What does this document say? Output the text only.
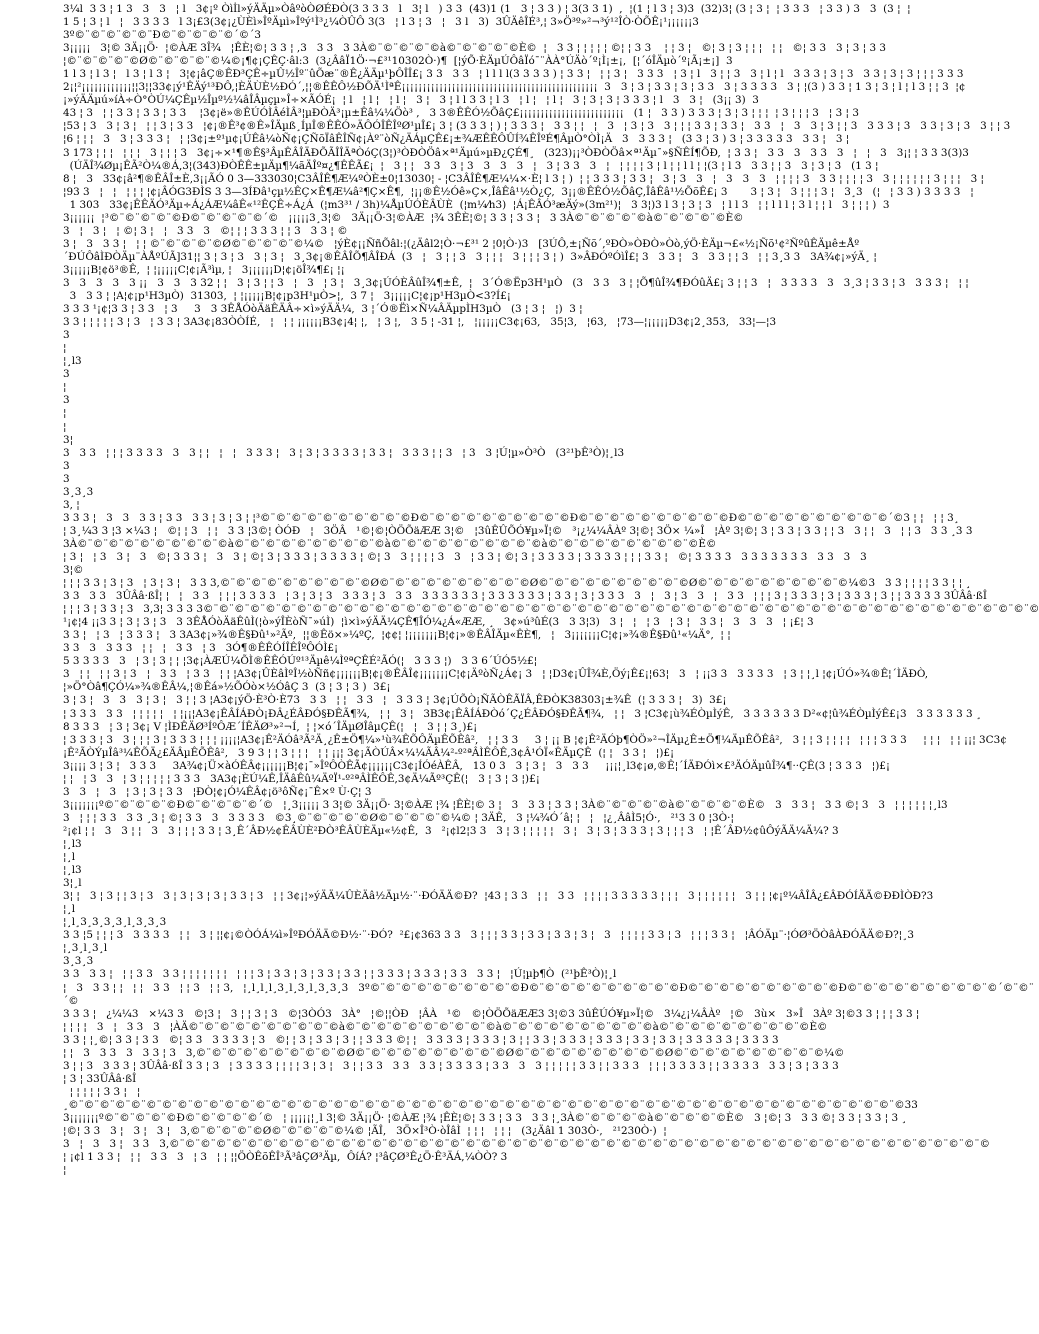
3¼l  3 3 ¦ 1 3   3   3   ¦ l   3¢¡º Òìİl»ýÄÄµ»ÒâºòÒØÉÐÒ(3 3 3 3   l   3¦ l   ) 3 3  (43)1 (1   3 ¦ 3 3 ) ¦ 3(3 3 1)  ,  ¦(1 ¦ l 3 ¦ 3)3  (32)3¦ (3 ¦ 3 ¦  ¦ 3 3 3   ¦ 3 3 ) 3   3  (3 ¦  ¦
1 5 ¦ 3 ¦ l   ¦   3 3 3 3   l 3¡£3(3¢¡¿ÙÈì»ÎºÄµì»Îºý¹Ì³¿¼ÒÛÔ 3(3   ¦ l 3 ¦ 3   ¦   3 l   3)  3ÛÄêÎÉ³,¦ 3»Ö³º»²¬³ý¹²ÎÒ·ÒÕÊ¡¹¡¡¡¡¡¡3
3º©¨©¨©¨©¨©¨Ð©¨©¨©¨©¨©´©´3
3¡¡¡¡¡   3¦© 3Ä¡¡Ö·  ¦©ÀÆ 3Î¾   ¦ÊÈ¦©¦ 3 3 ¦ ,3   3 3   3 3À©¨©¨©¨©¨©à©¨©¨©¨©¨©È©  ¦   3 3 ¦ ¦ ¦ ¦ ¦ ©¦ ¦ 3 3    ¦ ¦ 3 ¦   ©¦ 3 ¦ 3 ¦ ¦ ¦   ¦ ¦   ©¦ 3 3   3 ¦ 3 ¦ 3 3
¦©¨©¨©¨©¨©Ø©¨©¨©¨©¨©¼©¡¶¢¡ÇÊÇ·âl:3  (3¿ÂâÏ1Ö·¬£³¹10302Ò·)¶  [¦ýÕ·ÈÄµÚÔâÏó¯¨ÀÀ°ÚÄò´º¡Ì¡±¡,  [¦´óÎÄµò´º¡Ã¡±¡]  3
1 l 3 ¦ l 3 ¦   l 3 ¦ l 3 ¦   3¦¢¡âÇ®ÊÐ³ÇÊ÷µÛ½Îº¨ûÕæ¨®Ê¿ÄÄµ¹þÔÎÎ£¡ 3 3   3 3   ¦ l l l l(3 3 3 3 ) ¦ 3 3 ¦   ¦ ¦ 3 ¦   3 3 3   ¦ 3 ¦ l   3 ¦ ¦ 3   3 ¦ l ¦ l   3 3 3 ¦ 3 ¦ 3   3 3 ¦ 3 ¦ 3 ¦ ¦ ¦ 3 3 3
2¡¦²¡¡¡¡¡¡¡¡¡¡¡¡¦¦3¦¦33¢¡ý¹ÊÄý¹³ÐÔ,¦ÈÄÙÈ½ÐÓ´,¦¦®ÊÊÔ½ÐÕÄ¹ÌªÊ¡¡¡¡¡¡¡¡¡¡¡¡¡¡¡¡¡¡¡¡¡¡¡¡¡¡¡¡¡¡¡¡¡¡¡¡¡¡¡¡¡¡¡¡¡¡¡  3   3 ¦ 3 ¦ 3 3 ¦ 3 ¦ 3 3   3 ¦ 3 3 3 3   3 ¦ ¦(3 ) 3 3 ¦ 1 3 ¦ 3 ¦ l ¦ l 3 ¦ ¦ 3  ¦¢
¡»ýÄÄµú»íÀ÷Ò°ÒÚ¼ÇÊµ½Îµº½¼âÎÂµçµ»Î÷×ÃÓÉ¡  ¦ l   ¦ l ¦   ¦ l ¦   3 ¦   3 ¦ l l 3 3 ¦ l 3   ¦ l ¦   ¦ l ¦   3 ¦ 3 ¦ 3 ¦ 3 3 3 ¦ l   3   3 ¦   (3¡¡ 3)  3
43 ¦ 3   ¦ ¦ 3 3 ¦ 3 3 ¦ 3 3    ¦3¢¡ë»®ÊÚÓÌÂéÌÂ³¦µÐÒÄ³¡µ±Êâ¼¼Öò³ ,   3 3®ÊÊÓ½ÕâÇ£¡¡¡¡¡¡¡¡¡¡¡¡¡¡¡¡¡¡¡¡¡¡¡¡¡   (1 ¦   3 3 ) 3 3 3 ¦ 3 ¦ 3 ¦ ¦ ¦  ¦ 3 ¦ ¦ ¦ 3   ¦ 3 ¦ 3
¦53 ¦ 3   3 ¦ 3 ¦   ¦ ¦ 3 ¦ 3 3   ¦¢¡®Ê³¢®Ê»ÎÄµß¸ÍµÎ®ÊÊÓ»ÄÔÓÎÊÎºØ¹µÎ£¡ 3 ¦ (3 3 3 ¦ ) ¦ 3 3 3 ¦   3 3 ¦ ¦   ¦   3   ¦ 3 ¦ 3   3 ¦ ¦ ¦ 3 3 ¦ 3 3 ¦   3 3   ¦   3   3 ¦ 3 ¦ ¦ 3   3 3 3 ¦ 3   3 3 ¦ 3 ¦ 3   3 ¦ ¦ 3
¦6 ¦ ¦ ¦   3   3 ¦ 3 3 3 ¦   ¦ ¦3¢¡±º¹µ¢¡ÚÊâ¼òÑ¢¡ÇÑõÏâÊÎÑ¢¡Àº¨òÑ¿ÄÁµÇÊ£¡±¾ÆÊÊÔÛÍ¾ÊÎºÉ¶ÂµÒ°ÒÌ¡Ä   3   3 3 3 ¦   (3 3 ¦ 3 ) 3 ¦ 3 3 3 3 3   3 3 ¦   3 ¦
3 173 ¦ ¦ ¦   ¦ ¦ ¦   3 ¦ ¦ ¦ 3   3¢¡÷×¹¶®Ê§³ÂµÊÂÎÄÐÕÃÎÎÄªÒóÇ(3¦)³ÒÐÒÖâ×ª¹Äµú»µÐ¿ÇÉ¶¸   (323)¡¡³ÒÐÒÖâ×ª¹Äµ¯»§ÑÊÍ¶ÕÐ,  ¦ 3 3 ¦   3 3   3   3 3   3   ¦   ¦   3   3¡¦ ¦ 3 3 3(3)3
(ÚÄÎ¾Øµ¡ÊÃ²Ò¼®Á,3¦(343)ÐÒÊÊ±µÄµ¶¼ãÄÎº¤¿¶ÊÊÃ£¡  ¦   3 ¦ ¦   3 3   3 ¦ 3   3   3   3   ¦   3 ¦ 3 3   3   ¦   ¦ ¦ ¦ ¦ 3 ¦ l ¦ ¦ l l ¦ ¦(3 ¦ l 3   3 3 ¦ ¦ 3   3 ¦ 3 ¦ 3   (1 3 ¦
8 ¦   3   33¢¡â²¶®ÊÂÎ±È,3¡¡ÃÓ 0 3—333030¦C3ÂÎÊ¶Æ¼ºÒÈ±0¦13030¦ - ¦C3ÂÎÊ¶Æ¼¼×·È¦ l 3 ¦ )  ¦ ¦ 3 3 3 ¦ 3 3 ¦   3 ¦ 3   3   ¦   3   3   3   ¦ ¦ ¦ ¦ 3   3 3 ¦ ¦ ¦ ¦ 3   3 ¦ ¦ ¦ ¦ ¦ ¦ 3 ¦ ¦ ¦   3 ¦
¦93 3   ¦   ¦   ¦ ¦ ¦ ¦¢¡ÂÓG3ÐÌS 3 3—3ÍÐâ¹çµ½ÊÇ×Ê¶Æ¼â²¶Ç×Ê¶,  ¦¡¡®Ê½Óê»Ç×,ÎâÊâ¹½Ò¿Ç,  3¡¡®ÊÊÓ½ÕâÇ,ÎâÊâ¹½ÕõÊ£¡ 3       3 ¦ 3 ¦   3 ¦ ¦ ¦ 3 ¦   3¸3   (¦   ¦ 3 3 ) 3 3 3 3   ¦
1 303   33¢¡ÊÊÄÓ³Äµ÷Á¿ÁÆ¼âÊ«¹²ÊÇÊ÷Á¿Á  (¦m3³¹ / 3h)¼ÅµÚÓÈÂÙÈ  (¦m¼⁄h3)  ¦Á¡ÊÂÓ³æÄý»(3m²¹)¦   3 3¦)3 l 3 ¦ 3 ¦ 3   ¦ l l 3   ¦ ¦ l l l ¦ 3 l ¦ ¦ l   3 ¦ ¦ ¦ )  3
3¡¡¡¡¡¡  ¦³©¨©¨©¨©¨©Ð©¨©¨©¨©¨©´©   ¡¡¡¡¡3¸3¦©   3Ä¡¡Ö·3¦©ÀÆ  ¦¾ 3ÊÈ¦©¦ 3 3 ¦ 3 3 ¦   3 3À©¨©¨©¨©¨©à©¨©¨©¨©¨©È©
3   ¦   3 ¦   ¦ ©¦ 3 ¦   ¦   3 3   3   ©¦ ¦ ¦ 3 3 3 ¦ ¦ 3   3 3 ¦ ©
3 ¦   3   3 3 ¦   ¦ ¦ ©¨©¨©¨©¨©Ø©¨©¨©¨©¨©¼©   ¦ýÈ¢¡¡ÑñÕâl:¦(¿Äâl2¦Ò·¬£³¹ 2 ¦0¦Ò·)3   [3ÚÔ,±¡Ñõ´,ºÐÒ»ÒÐÒ»Òò,ýÖ·ÈÄµ¬£«½¡Ñõ¹¢²ÑºûÊÄµê±Åº
´ÐÚÔâÌÐÒÄµ¨ÀÅºÚÃ]31¦¦ 3 ¦ 3 ¦ 3   3 ¦ 3 ¦   3¸3¢¡®ÊÂÎÕ¶ÂÎÐÁ  (3   ¦   3 ¦ ¦ 3   3 ¦ ¦ ¦   3 ¦ ¦ ¦ 3 ¦ )  3»ÂÐÓºÓìÎ£¦ 3   3 3 ¦   3   3 3 ¦ ¦ 3   ¦ ¦ 3¸3 3   3A¾¢¡»ýÄ¸ ¦
3¡¡¡¡¡B¦¢ö³®Ê,  ¦ ¦¡¡¡¡¡C¦¢¡Ã³ìµ, ¦   3¡¡¡¡¡¡D¦¢¡öÎ¾¶£¡ ¦¡
3   3   3   3   3 ¡¡   3   3   3 32 ¦ ¦   3 ¦ 3 ¦ ¦ 3   ¦   3   ¦ 3 ¦   3¸3¢¡ÚÓÈÂûÎ¾¶±Ê,  ¦   3´Ó®Ëp3H¹µÒ   (3   3 3   3 ¦ ¦Õ¶ûÎ¾¶ÐÓûÄ£¡ 3 ¦ ¦ 3   ¦   3 3 3 3   3   3¸3 ¦ 3 3 ¦ 3   3 3 3 ¦   ¦ ¦
3   3 3 ¦ ¦A¦¢¡p¹H3µÒ)  31303,  ¦ ¦¡¡¡¡¡B¦¢¡p3H¹µÒ>¦,  3 7 ¦   3¡¡¡¡¡C¦¢¡p¹H3µÒ<3?Í£¡
3 3 3 ¹¡¢¦3 3 ¦ 3 3   ¦ 3     3   3 3ÊÅÓòÄäÊÄÂ÷×ì»ýÄÄ¼,  3 ¦´Ó®Ëì×Ñ¼ÂÄµpÌH3µÒ   (3 ¦ 3 ¦   ¦)  3 ¦
3 3 ¦ ¦ ¦ ¦ ¦ 3 ¦ 3   ¦ 3 3 ¦ 3A3¢¡83ÒÒÍÉ,   ¦   ¦ ¦ ¡¡¡¡¡¡B3¢¡4¦ ¦,   ¦ 3 ¦,   3 5 ¦ -31 ¦,   ¦¡¡¡¡¡C3¢¡63,   35¦3,   ¦63,   ¦73—¦¡¡¡¡¡D3¢¡2¸353,   33¦—¦3
3
¦
¦¸l3
3
¦
3
¦
¦
3¦
3   3 3   ¦ ¦ ¦ 3 3 3 3   3   3 ¦ ¦   ¦   ¦   3 3 3 ¦   3 ¦ 3 ¦ 3 3 3 3 ¦ 3 3 ¦   3 3 3 ¦ ¦ 3   ¦ 3   3 ¦Ú¦µ»Ò³Ò   (3²¹þÊ³Ò)¦¸l3
3
3
3¸3¸3
3, ¦
3 3 3 ¦   3   3   3 3 ¦ 3 3   3 3 ¦ 3 ¦ 3 ¦ ¦³©¨©¨©¨©¨©¨©¨©¨©¨©¨©Ð©¨©¨©¨©¨©¨©¨©¨©¨©¨©Ð©¨©¨©¨©¨©¨©¨©¨©¨©¨©Ð©¨©¨©¨©¨©¨©¨©¨©¨©¨©´©3 ¦ ¦   ¦ ¦ 3¸
¦ 3¸¼3 3 ¦3 ×¼3 ¦   ©¦ ¦ 3   ¦ ¦   3 3 ¦3©¦ ÒÓÐ   ¦   3ÖÂ   ¹©¦©¦ÒÖÕäÆÆ 3¦©   ¦3ûÊÛÕÓ¥µ»Ï¦©   ³¡¿¼¼ÂÀº 3¦©¦ 3Ö× ¼»Î   ¦Àº 3¦©¦ 3 ¦ 3 3 ¦ 3 3 ¦ ¦ 3   3 ¦ ¦   3   ¦ ¦ 3   3 3 ¸3 3
3À©¨©¨©¨©¨©¨©¨©¨©¨©¨©à©¨©¨©¨©¨©¨©¨©¨©¨©¨©à©¨©¨©¨©¨©¨©¨©¨©¨©¨©à©¨©¨©¨©¨©¨©¨©¨©¨©¨©È©
¦ 3 ¦   ¦ 3   3 ¦   3   ©¦ 3 3 3 ¦   3   3 ¦ ©¦ 3 ¦ 3 3 3 ¦ 3 3 3 3 ¦ ©¦ 3   3 ¦ ¦ ¦ ¦ 3   3   ¦ 3 3 ¦ ©¦ 3 ¦ 3 3 3 3 ¦ 3 3 3 3 ¦ ¦ ¦ 3 3 ¦   ©¦ 3 3 3 3   3 3 3 3 3 3 3   3 3   3   3
3¦©
¦ ¦ ¦ 3 3 ¦ 3 ¦ 3   ¦ 3 ¦ 3 ¦   3 3 3,©¨©¨©¨©¨©¨©¨©¨©¨©¨©Ø©¨©¨©¨©¨©¨©¨©¨©¨©¨©Ø©¨©¨©¨©¨©¨©¨©¨©¨©¨©Ø©¨©¨©¨©¨©¨©¨©¨©¨©¨©¼©3   3 3 ¦ ¦ ¦ ¦ 3 3 ¦ ¦ ¸
3 3   3 3   3ÛÂâ·ßÎ¦ ¦   ¦   3 3   ¦ ¦ ¦ 3 3 3 3   ¦ 3 ¦ 3 ¦ 3   3 3 3 ¦ 3   3 3   3 3 3 3 3 3 ¦ 3 3 3 3 3 3 ¦ 3 3 ¦ 3 ¦ 3 3 3   3   ¦   3 ¦ 3   3   ¦   3 3   ¦ ¦ ¦ 3 ¦ 3 3 3 ¦ 3 ¦ 3 3 3 ¦ 3 ¦ ¦ 3 3 3 3 3ÛÂâ·ßÎ
¦ ¦ ¦ 3 ¦ 3 3 ¦ 3   3,3¦ 3 3 3 3©¨©¨©¨©¨©¨©¨©¨©¨©¨©¨©¨©¨©¨©¨©¨©¨©¨©¨©¨©¨©¨©¨©¨©¨©¨©¨©¨©¨©¨©¨©¨©¨©¨©¨©¨©¨©¨©¨©¨©¨©¨©¨©¨©¨©¨©¨©¨©¨©¨©¨©¨©¨©¨©
¹¡¢¦4 ¡¡3 3 ¦ 3 ¦ 3 ¦ 3   3 3ÊÅÓòÄäÊûÌ(¦ò»ýÎÈòÑ¯»úÌ)  ¦ì×ì»ýÄÄ¼ÇÊ¶ÎÓ¼¿Á«ÆÆ, ¸   3¢»ú³ûÉ(3   3 3¦3)   3 ¦   ¦   ¦ 3   ¦ 3 ¦   3 3 ¦   3   3   3   ¦ ¡£¦ 3
3 3 ¦   ¦ 3   ¦ 3 3 3 ¦   3 3A3¢¡»¾®Ê§Ðû¹»²Ãº,  ¦¦®Êö×»¼ºÇ,  ¦¢¢¦ ¦¡¡¡¡¡¡¡B¦¢¡»®ÊÂÎÄµ«ÊÈ¶,   ¦   3¡¡¡¡¡¡¡C¦¢¡»¾®Ê§Ðû¹«¼Ä°,  ¦ ¦
3 3   3   3 3 3   ¦ ¦   ¦   3 3   ¦ 3   3Ó¶®ÊÊÓÍÎÊÎºÔÓÌ£¡
5 3 3 3 3   3   ¦ 3 ¦ 3 ¦ ¦ ¦3¢¡ÀÆÚ¼ÕÌ®ÊÊÓÚº¹³Äµê¼ÌºªÇÊÉ²ÃÓ(¦   3 3 3 ¦)   3 3 6´ÚÓ5½£¦
3   ¦ ¦   ¦ ¦ 3 ¦ 3   ¦   3 3   ¦ 3 3   ¦ ¦ ¦A3¢¡ÛÈâÌºÎ½òÑñ¢¡¡¡¡¡¡B¦¢¡®ÊÂÎ¢¡¡¡¡¡¡¡C¦¢¡ÄºòÑ¿Á¢¡ 3   ¦ ¦D3¢¡ÛÎ¾È,Öý¡Ê£¡¦63¦   3   ¦ ¡¡3 3   3 3 3 3   ¦ 3 ¦ ¦¸l ¦¢¡ÚÓ»¾®Ê¦´ÌÄÐÒ,
¦»Ö°Òâ¶ÇÓ¼»¾®ÊÂ¼,¦®Êá»½ÕÓò×½ÓâÇ 3  (3 ¦ 3 ¦ 3 )  3£¡
3 ¦ 3 ¦   3   3   3 ¦ 3 ¦   3 ¦ ¦ 3 ¦A3¢¡ýÖ·È³Ò·È73   3 3   ¦ ¦   3 3   ¦   3 3 3 ¦ 3¢¡ÚÕÒ¡ÑÃÒÊÃÏÂ,ÊÐÒK38303¡±¾Ê  (¦ 3 3 3 ¦   3)  3£¡
¦ 3 3 3   3 3   ¦ ¦ ¦ ¦ ¦   ¦ ¦¡¡¦A3¢¡ÊÂÍÁÐÒ¡ÐÂ¿ÉÂÐÓ§ÐÊÃ¶¾,   ¦ ¦   3 ¦   3B3¢¡ÊÂÍÁÐÒó´Ç¿ÉÂÐÓ§ÐÊÃ¶¾,   ¦ ¦   3 ¦C3¢¡ù¾ÉÒµÌýÊ,   3 3 3 3 3 3 D²«¢¦û¾ÉÒµÌýÊ£¡3   3 3 3 3 3 3 ¸
8 3 3 3   ¦ 3 ¦ 3¢¡ V ¦ÌÐÊÄØ³ÍºÔÆ´ÍÊÄØ³»²¬Í,  ¦ ¦×ó´ÎÄµØÎâµÇÊ(¦   ¦   3 ¦ ¦ 3¸)£¡
¦ 3 3 3 ¦ 3   3 ¦ ¦ ¦ 3 ¦ 3 3 3 ¦ ¦ ¦ ¡¡¡¡¦A3¢¡Ê²ÄÓâ³Ã²Ä¸¿Ê±Ö¶¼»¹ù¾ÊÕÔÄµÊÕÊâ²,   ¦ ¦ 3 3     3 ¦ ¡¡ B ¦¢¡Ê²ÄÓþ¶ÒÖ»²¬ÎÄµ¿Ê±Ö¶¼ÄµÊÕÊâ²,   3 ¦ ¦ 3 ¦ ¦ ¦ ¦   ¦ ¦ ¦ 3 3 3     ¦ ¦ ¦   ¦ ¦ ¡¡¦ 3C3¢
¡Ê²ÃÒÝµÎâ³¼ÊÕÄ¿£ÄÂµÊÕÊâ²,   3 9 3 ¦ ¦ 3 ¦ ¦ ¦   ¦ ¦ ¡¡¦ 3¢¡ÃÒÚÂ×¼¼ÃÂ¼²-º²ªÂÌÊÔÊ,3¢Â¹ÓÏ«ÊÄµÇÊ  (¦ ¦   3 3 ¦   ¦)£¡
3¡¡¡¡ 3 ¦ 3 ¦   3 3 3     3A¾¢¡Ü×àÓÊÂ¢¡¡¡¡¡¡B¦¢¡¯»ÎºÔÒÊÃ¢¡¡¡¡¡¡C3¢¡ÍÓéÀÊÂ,   13 0 3   3 ¦ 3 ¦   3   3 3     ¡¡¡¦¸l3¢¡ø,®Ê¦´ÍÄÐÓì×£³ÄÓÄµûÎ¾¶··ÇÊ(3 ¦ 3 3 3   ¦)£¡
¦ ¦   ¦ 3   3   ¦ 3 ¦ ¦ ¦ ¦ ¦ 3 3 3   3A3¢¡ÈÚ¼Ê,ÎÄâÊû¼ÄºÏ¹-º²ªÂÌÊÔÊ,3¢Ä¼Ãº³ÇÊ(¦   3 ¦ 3 ¦ 3 ¦)£¡
3   3   ¦   3   ¦ 3 ¦ 3 ¦ 3 3   ¦ÐÒ¦¢¡Ó¼ÊÂ¢¡ö³ôÑ¢¡¯Ê×º Ù·Ç¦ 3
3¡¡¡¡¡¡¡º©¨©¨©¨©¨©Ð©¨©¨©¨©¨©´©   ¦¸3¡¡¡¡¡ 3 3¦© 3Ä¡¡Ö· 3¦©ÀÆ ¦¾ ¦ÊÈ¦© 3 ¦   3   3 3 ¦ 3 3 ¦ 3À©¨©¨©¨©¨©à©¨©¨©¨©¨©È©   3   3 3 ¦   3 3 ©¦ 3   3   ¦ ¦ ¦ ¦ ¦ ¦¸l3
3   ¦ ¦ ¦ 3 3   3 3 ¸3 ¦ ©¦ 3 3   3   3 3 3 3   ©3¸©¨©¨©¨©¨©Ø©¨©¨©¨©¨©¼© ¦ 3ÄÊ,   3 ¦¼¾Ó´â¦ ¦   ¦   ¦¿¸ÂâÌ5¦Ó·,   ²¹3 3 0 ¦3Ò·¦
²¡¢l ¦ ¦   3   3 ¦ ¦   3   3 ¦ ¦ ¦ 3 3 ¦ 3¸Ê´ÂÐ½¢ÊÂÙÈ²ÐÒ³ÊÂÙÈÄµ«½¢Ê,  3   ²¡¢l2¦3 3   3 ¦ 3 ¦ ¦ ¦ ¦ ¦   3 ¦   3 ¦ 3 ¦ 3 3 3 ¦ 3 ¦ ¦ ¦ 3   ¦ ¦Ê´ÂÐ½¢ûÔýÃÄ¼Ä¼? 3
¦¸l3
¦¸l
¦¸l3
3¦¸l
3¦ ¦   3 ¦ 3 ¦ ¦ 3 ¦ 3   3 ¦ 3 ¦ 3 ¦ 3 ¦ 3 3 ¦ 3   ¦ ¦ 3¢¡¦»ýÄÄ¼ÛÈÄâ½Äµ½·¨·ÐÓÄÄ©Ð?  ¦43 ¦ 3 3   ¦ ¦   3 3   ¦ ¦ ¦ ¦ 3 3 3 3 3 ¦ ¦ ¦   3 ¦ ¦ ¦ ¦ ¦ ¦   3 ¦ ¦ ¦¢¡º¼ÂÎÂ¿£ÂÐÓÍÄÄ©ÐÐÌÒÐ?3
¦¸l
¦¸l¸3¸3¸3¸3¸l¸3¸3¸3
3 3 ¦5 ¦ ¦ ¦ 3   3 3 3 3   ¦ ¦   3 ¦ ¦¦¢¡©ÒÓÁ¼ì»ÎºÐÓÄÄ©Ð½·¨·ÐÓ?  ²£¡¢363 3 3   3 ¦ ¦ ¦ 3 3 ¦ 3 3 ¦ 3 3 ¦ 3 ¦   3   ¦ ¦ ¦ ¦ 3 3 ¦ 3   ¦ ¦ ¦ 3 3 ¦   ¦ÂÓÄµ¨·¦ÓØ³ÖÒâÀÐÓÄÄ©Ð?¦¸3
¦¸3¸l¸3¸l
3¸3¸3
3 3   3 3 ¦   ¦ ¦ 3 3   3 3 ¦ ¦ ¦ ¦ ¦ ¦ ¦   ¦ ¦ ¦ 3 ¦ 3 3 ¦ 3 ¦ 3 3 ¦ 3 3 ¦ ¦ 3 3 3 ¦ 3 3 3 ¦ 3 3   3 3 ¦   ¦Ú¦µþ¶Ò  (²¹þÊ³Ò)¦¸l
¦   3   3 3 ¦ ¦   ¦ ¦   3 3   ¦ ¦ 3   ¦ ¦ 3,   ¦¸l¸l¸l¸3¸l¸3¸l¸3¸3¸3   3º©¨©¨©¨©¨©¨©¨©¨©¨©¨©Ð©¨©¨©¨©¨©¨©¨©¨©¨©¨©Ð©¨©¨©¨©¨©¨©¨©¨©¨©¨©Ð©¨©¨©¨©¨©¨©¨©¨©¨©¨©´©¨©¨
´©
3 3 3 ¦   ¿¼¼3   ×¼3 3   ©¦3 ¦   3 ¦ ¦ 3 ¦ 3   ©¦3ÒÓ3   3À°   ¦©¦¦ÒÐ   ¦ÂÀ   ¹©   ©¦ÒÖÕäÆÆ3 3¦©3 3ûÊÚÓ¥µ»Ï¦©   3¼¿¡¼ÂÀº   ¦©   3ù×   3»Î   3Àº 3¦©3 3 ¦ ¦ ¦ 3 3 ¦
¦ ¦ ¦ ¦   3   ¦   3 3   3   ¦ÀÄ©¨©¨©¨©¨©¨©¨©¨©¨©¨©à©¨©¨©¨©¨©¨©¨©¨©¨©¨©à©¨©¨©¨©¨©¨©¨©¨©¨©¨©à©¨©¨©¨©¨©¨©¨©¨©¨©¨©È©
3 3 ¦ ¦¸©¦ 3 3 ¦ 3 3   ©¦ 3 3   3 3 3 3 ¦ 3   ©¦ ¦ 3 ¦ 3 3 ¦ 3 ¦ ¦ 3 3 3 ©¦ ¦   3 3 3 3 ¦ 3 3 3 ¦ 3 ¦ ¦ 3 3 ¦ 3 3 3 ¦ 3 3 3 ¦ 3 3 ¦ 3 3 ¦ 3 3 3 3 3 ¦ 3 3 3 3
¦ ¦   3   3 3   3   3 3 ¦ 3   3,©¨©¨©¨©¨©¨©¨©¨©¨©¨©Ø©¨©¨©¨©¨©¨©¨©¨©¨©¨©Ø©¨©¨©¨©¨©¨©¨©¨©¨©¨©Ø©¨©¨©¨©¨©¨©¨©¨©¨©¨©¼©
3 ¦ ¦ 3   3 3 3 ¦ 3ÛÂâ·ßÎ 3 3 ¦ 3   ¦ 3 3 3 3 ¦ ¦ ¦ ¦ 3 ¦ 3 ¦   3 ¦ ¦ 3 3   3 3   3 3 ¦ 3 3 3 3 ¦ 3 3   3   3 ¦ ¦ ¦ ¦ ¦ 3 3 ¦ ¦ 3 3 3   ¦ ¦ ¦ 3 3 3 3 ¦ ¦ 3 3 3 3   3 3 ¦ 3 ¦ 3 3 3
¦ 3 ¦ 33ÛÂâ·ßÎ
¦ ¦ ¦ ¦ ¦ 3 3 ¦   ¦
¸©¨©¨©¨©¨©¨©¨©¨©¨©¨©¨©¨©¨©¨©¨©¨©¨©¨©¨©¨©¨©¨©¨©¨©¨©¨©¨©¨©¨©¨©¨©¨©¨©¨©¨©¨©¨©¨©¨©¨©¨©¨©¨©¨©¨©¨©¨©¨©¨©¨©¨©¨©¨©¨©33
3¡¡¡¡¡¡¡º©¨©¨©¨©¨©Ð©¨©¨©¨©¨©´©   ¦ ¡¡¡¡¡¦¸l 3¦© 3Ä¡¡Ö· ¦©ÀÆ ¦¾ ¦ÊÈ¦©¦ 3 3 ¦ 3 3   3 3 ¦¸3À©¨©¨©¨©¨©à©¨©¨©¨©¨©È©   3 ¦©¦ 3   3 3 ©¦ 3 3 ¦ 3 3 ¦ 3 ¸
¦©¦ 3 3   3 ¦   3 ¦   3 ¦   3,©¨©¨©¨©¨©Ø©¨©¨©¨©¨©¼© ¦ÃÎ,   3Ö×Î³Ò·òÎâÌ  ¦ ¦ ¦   ¦ ¦ ¦   (3¿Äâl 1 303Ò·,   ²¹230Ò·)  ¦
3   ¦   3   3 ¦   3 3   3,©¨©¨©¨©¨©¨©¨©¨©¨©¨©¨©¨©¨©¨©¨©¨©¨©¨©¨©¨©¨©¨©¨©¨©¨©¨©¨©¨©¨©¨©¨©¨©¨©¨©¨©¨©¨©¨©¨©¨©¨©¨©¨©¨©¨©¨©¨©¨©¨©¨©¨©¨©¨©
¦ ¡¢l 1 3 3 ¦   ¦ ¦   3 3   3   ¦ 3   ¦ ¦ ¦¦ÖÒÊõÊÎ³Ã³âÇØ³Äµ,  ÔíÁ? ¦³âÇØ³Ê¿Ö·Ê³ÄÁ,¼ÒÒ? 3
¦
